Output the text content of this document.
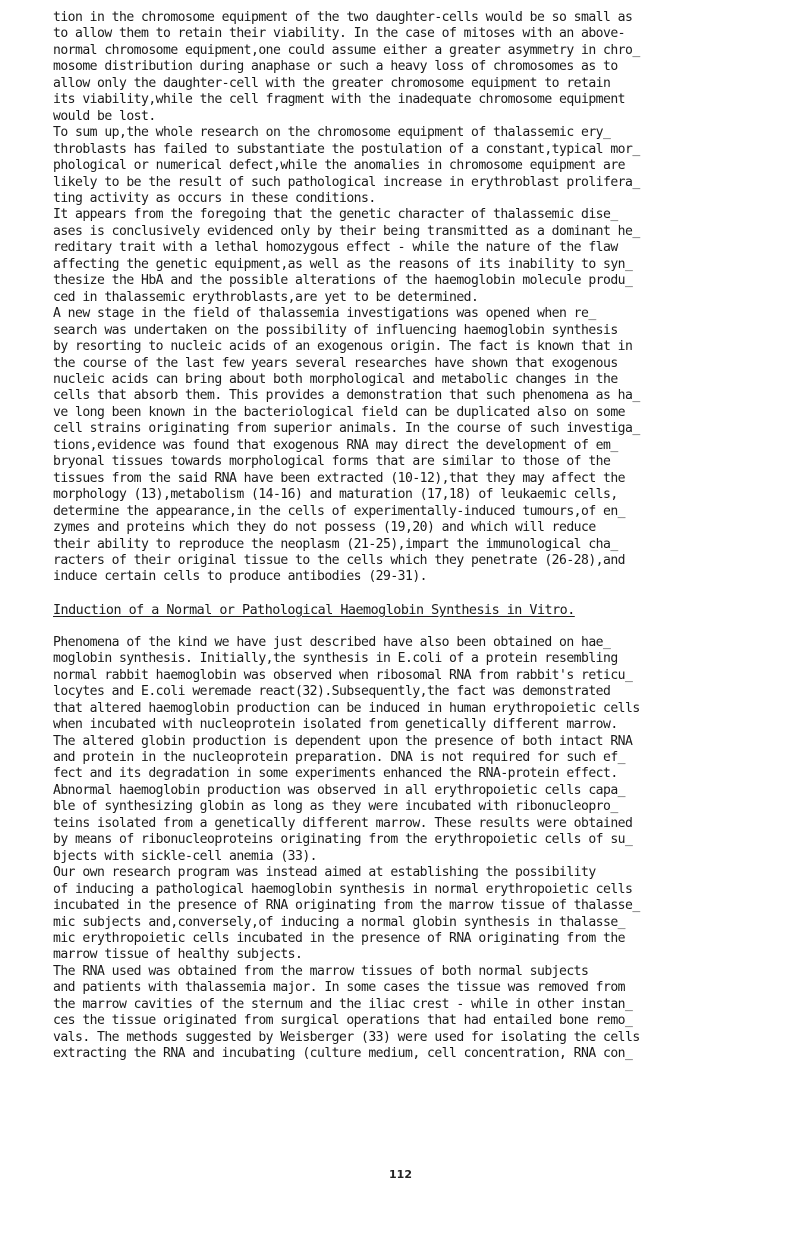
tion in the chromosome equipment of the two daughter-cells would be so small as
to allow them to retain their viability. In the case of mitoses with an above-
normal chromosome equipment,one could assume either a greater asymmetry in chro_
mosome distribution during anaphase or such a heavy loss of chromosomes as to
allow only the daughter-cell with the greater chromosome equipment to retain
its viability,while the cell fragment with the inadequate chromosome equipment
would be lost.
To sum up,the whole research on the chromosome equipment of thalassemic ery_
throblasts has failed to substantiate the postulation of a constant,typical mor_
phological or numerical defect,while the anomalies in chromosome equipment are
likely to be the result of such pathological increase in erythroblast prolifera_
ting activity as occurs in these conditions.
It appears from the foregoing that the genetic character of thalassemic dise_
ases is conclusively evidenced only by their being transmitted as a dominant he_
reditary trait with a lethal homozygous effect - while the nature of the flaw
affecting the genetic equipment,as well as the reasons of its inability to syn_
thesize the HbA and the possible alterations of the haemoglobin molecule produ_
ced in thalassemic erythroblasts,are yet to be determined.
A new stage in the field of thalassemia investigations was opened when re_
search was undertaken on the possibility of influencing haemoglobin synthesis
by resorting to nucleic acids of an exogenous origin. The fact is known that in
the course of the last few years several researches have shown that exogenous
nucleic acids can bring about both morphological and metabolic changes in the
cells that absorb them. This provides a demonstration that such phenomena as ha_
ve long been known in the bacteriological field can be duplicated also on some
cell strains originating from superior animals. In the course of such investiga_
tions,evidence was found that exogenous RNA may direct the development of em_
bryonal tissues towards morphological forms that are similar to those of the
tissues from the said RNA have been extracted (10-12),that they may affect the
morphology (13),metabolism (14-16) and maturation (17,18) of leukaemic cells,
determine the appearance,in the cells of experimentally-induced tumours,of en_
zymes and proteins which they do not possess (19,20) and which will reduce
their ability to reproduce the neoplasm (21-25),impart the immunological cha_
racters of their original tissue to the cells which they penetrate (26-28),and
induce certain cells to produce antibodies (29-31).
Induction of a Normal or Pathological Haemoglobin Synthesis in Vitro.
Phenomena of the kind we have just described have also been obtained on hae_
moglobin synthesis. Initially,the synthesis in E.coli of a protein resembling
normal rabbit haemoglobin was observed when ribosomal RNA from rabbit's reticu_
locytes and E.coli weremade react(32).Subsequently,the fact was demonstrated
that altered haemoglobin production can be induced in human erythropoietic cells
when incubated with nucleoprotein isolated from genetically different marrow.
The altered globin production is dependent upon the presence of both intact RNA
and protein in the nucleoprotein preparation. DNA is not required for such ef_
fect and its degradation in some experiments enhanced the RNA-protein effect.
Abnormal haemoglobin production was observed in all erythropoietic cells capa_
ble of synthesizing globin as long as they were incubated with ribonucleopro_
teins isolated from a genetically different marrow. These results were obtained
by means of ribonucleoproteins originating from the erythropoietic cells of su_
bjects with sickle-cell anemia (33).
Our own research program was instead aimed at establishing the possibility
of inducing a pathological haemoglobin synthesis in normal erythropoietic cells
incubated in the presence of RNA originating from the marrow tissue of thalasse_
mic subjects and,conversely,of inducing a normal globin synthesis in thalasse_
mic erythropoietic cells incubated in the presence of RNA originating from the
marrow tissue of healthy subjects.
The RNA used was obtained from the marrow tissues of both normal subjects
and patients with thalassemia major. In some cases the tissue was removed from
the marrow cavities of the sternum and the iliac crest - while in other instan_
ces the tissue originated from surgical operations that had entailed bone remo_
vals. The methods suggested by Weisberger (33) were used for isolating the cells
extracting the RNA and incubating (culture medium, cell concentration, RNA con_
112
